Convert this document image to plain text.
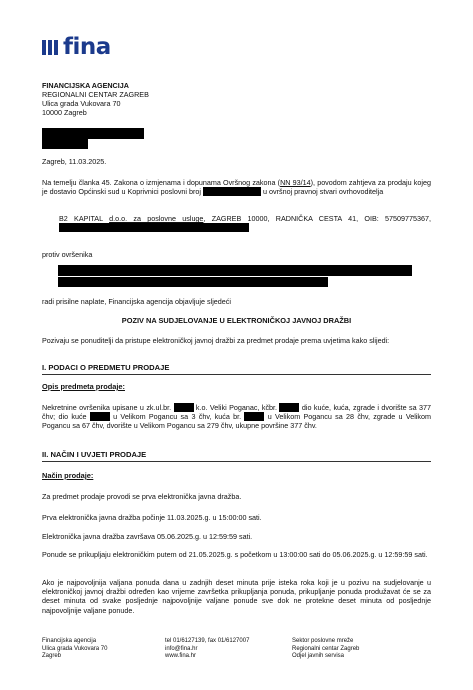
fina
FINANCIJSKA AGENCIJA
REGIONALNI CENTAR ZAGREB
Ulica grada Vukovara 70
10000 Zagreb
Zagreb, 11.03.2025.
Na temelju članka 45. Zakona o izmjenama i dopunama Ovršnog zakona (NN 93/14), povodom zahtjeva za prodaju kojeg je dostavio Općinski sud u Koprivnici poslovni broj	u ovršnoj pravnoj stvari ovrhovoditelja
B2 KAPITAL d.o.o. za poslovne usluge, ZAGREB 10000, RADNIČKA CESTA 41, OIB: 57509775367,
protiv ovršenika
radi prisilne naplate, Financijska agencija objavljuje sljedeći
POZIV NA SUDJELOVANJE U ELEKTRONIČKOJ JAVNOJ DRAŽBI
Pozivaju se ponuditelji da pristupe elektroničkoj javnoj dražbi za predmet prodaje prema uvjetima kako slijedi:
I. PODACI O PREDMETU PRODAJE
Opis predmeta prodaje:
Nekretnine ovršenika upisane u zk.ul.br.	k.o. Veliki Poganac, kčbr.	dio kuće, kuća, zgrade i dvorište sa 377 čhv; dio kuće	u Velikom Pogancu sa 3 čhv, kuća br.	u Velikom Pogancu sa 28 čhv, zgrade u Velikom Pogancu sa 67 čhv, dvorište u Velikom Pogancu sa 279 čhv, ukupne površine 377 čhv.
II. NAČIN I UVJETI PRODAJE
Način prodaje:
Za predmet prodaje provodi se prva elektronička javna dražba.
Prva elektronička javna dražba počinje 11.03.2025.g. u 15:00:00 sati.
Elektronička javna dražba završava 05.06.2025.g. u 12:59:59 sati.
Ponude se prikupljaju elektroničkim putem od 21.05.2025.g. s početkom u 13:00:00 sati do 05.06.2025.g. u 12:59:59 sati.
Ako je najpovoljnija valjana ponuda dana u zadnjih deset minuta prije isteka roka koji je u pozivu na sudjelovanje u elektroničkoj javnoj dražbi određen kao vrijeme završetka prikupljanja ponuda, prikupljanje ponuda produžavat će se za deset minuta od svake posljednje najpovoljnije valjane ponude sve dok ne protekne deset minuta od posljednje najpovoljnije valjane ponude.
Financijska agencija
Ulica grada Vukovara 70
Zagreb
tel 01/6127139, fax 01/6127007
info@fina.hr
www.fina.hr
Sektor poslovne mreže
Regionalni centar Zagreb
Odjel javnih servisa
